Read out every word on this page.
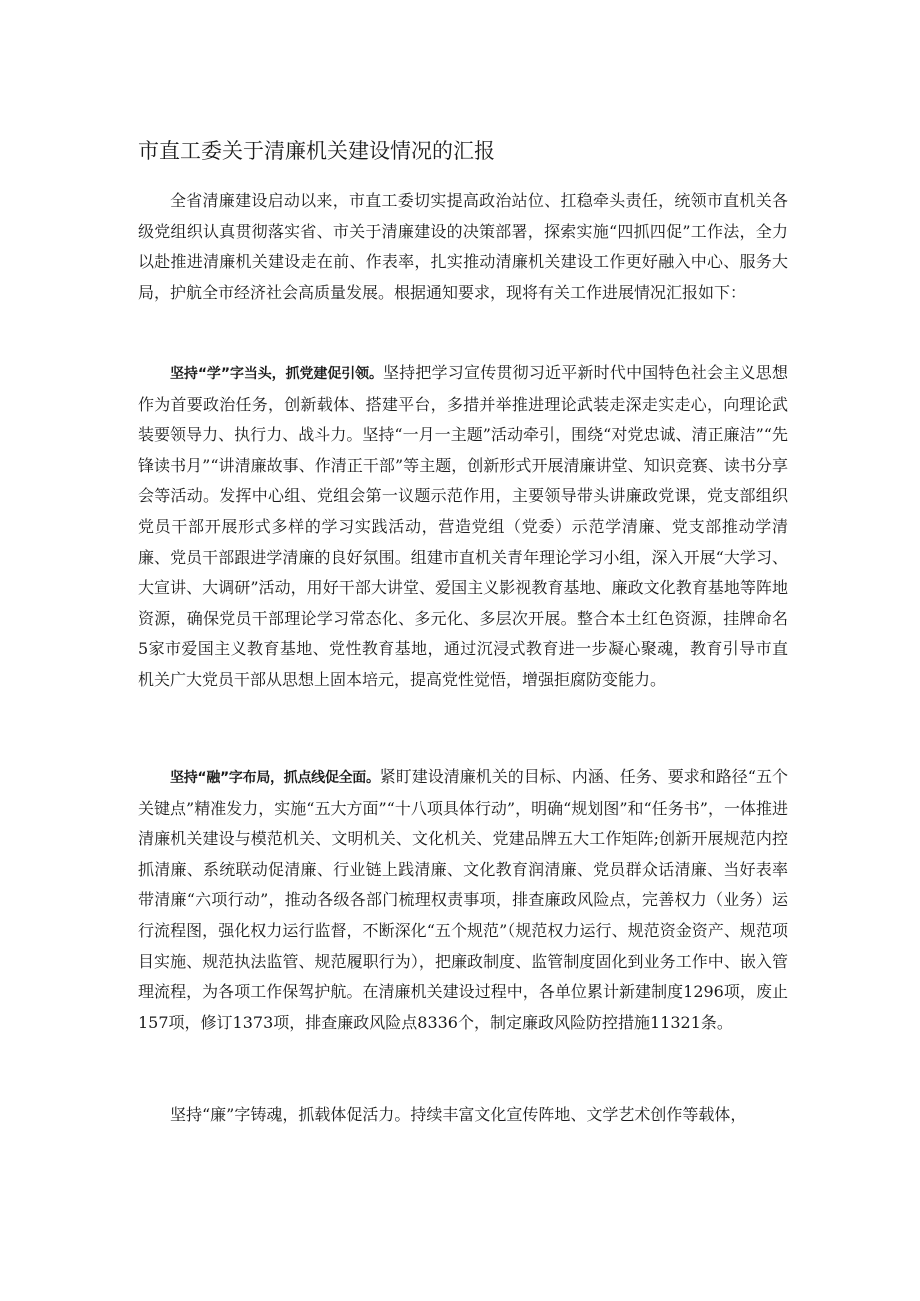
市直工委关于清廉机关建设情况的汇报

全省清廉建设启动以来，市直工委切实提高政治站位、扛稳牵头责任，统领市直机关各级党组织认真贯彻落实省、市关于清廉建设的决策部署，探索实施“四抓四促”工作法，全力以赴推进清廉机关建设走在前、作表率，扎实推动清廉机关建设工作更好融入中心、服务大局，护航全市经济社会高质量发展。根据通知要求，现将有关工作进展情况汇报如下：

坚持“学”字当头，抓党建促引领。坚持把学习宣传贯彻习近平新时代中国特色社会主义思想作为首要政治任务，创新载体、搭建平台，多措并举推进理论武装走深走实走心，向理论武装要领导力、执行力、战斗力。坚持“一月一主题”活动牵引，围绕“对党忠诚、清正廉洁”“先锋读书月”“讲清廉故事、作清正干部”等主题，创新形式开展清廉讲堂、知识竞赛、读书分享会等活动。发挥中心组、党组会第一议题示范作用，主要领导带头讲廉政党课，党支部组织党员干部开展形式多样的学习实践活动，营造党组（党委）示范学清廉、党支部推动学清廉、党员干部跟进学清廉的良好氛围。组建市直机关青年理论学习小组，深入开展“大学习、大宣讲、大调研”活动，用好干部大讲堂、爱国主义影视教育基地、廉政文化教育基地等阵地资源，确保党员干部理论学习常态化、多元化、多层次开展。整合本土红色资源，挂牌命名5家市爱国主义教育基地、党性教育基地，通过沉浸式教育进一步凝心聚魂，教育引导市直机关广大党员干部从思想上固本培元，提高党性觉悟，增强拒腐防变能力。

坚持“融”字布局，抓点线促全面。紧盯建设清廉机关的目标、内涵、任务、要求和路径“五个关键点”精准发力，实施“五大方面”“十八项具体行动”，明确“规划图”和“任务书”，一体推进清廉机关建设与模范机关、文明机关、文化机关、党建品牌五大工作矩阵;创新开展规范内控抓清廉、系统联动促清廉、行业链上践清廉、文化教育润清廉、党员群众话清廉、当好表率带清廉“六项行动”，推动各级各部门梳理权责事项，排查廉政风险点，完善权力（业务）运行流程图，强化权力运行监督，不断深化“五个规范”（规范权力运行、规范资金资产、规范项目实施、规范执法监管、规范履职行为），把廉政制度、监管制度固化到业务工作中、嵌入管理流程，为各项工作保驾护航。在清廉机关建设过程中，各单位累计新建制度1296项，废止157项，修订1373项，排查廉政风险点8336个，制定廉政风险防控措施11321条。

坚持“廉”字铸魂，抓载体促活力。持续丰富文化宣传阵地、文学艺术创作等载体，
